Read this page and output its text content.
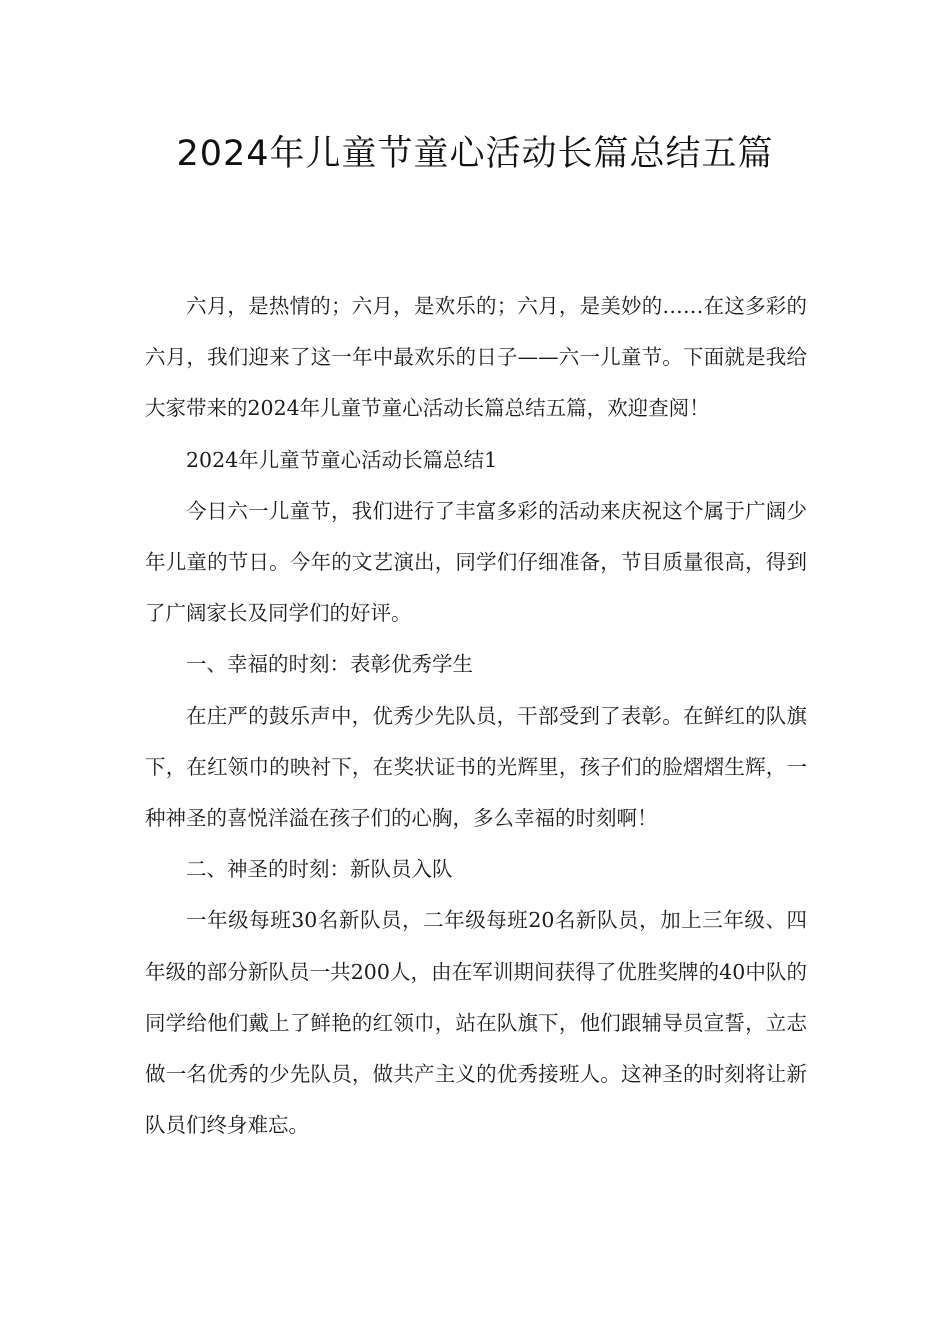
2024年儿童节童心活动长篇总结五篇

六月，是热情的；六月，是欢乐的；六月，是美妙的……在这多彩的六月，我们迎来了这一年中最欢乐的日子——六一儿童节。下面就是我给大家带来的2024年儿童节童心活动长篇总结五篇，欢迎查阅！

2024年儿童节童心活动长篇总结1

今日六一儿童节，我们进行了丰富多彩的活动来庆祝这个属于广阔少年儿童的节日。今年的文艺演出，同学们仔细准备，节目质量很高，得到了广阔家长及同学们的好评。

一、幸福的时刻：表彰优秀学生

在庄严的鼓乐声中，优秀少先队员，干部受到了表彰。在鲜红的队旗下，在红领巾的映衬下，在奖状证书的光辉里，孩子们的脸熠熠生辉，一种神圣的喜悦洋溢在孩子们的心胸，多么幸福的时刻啊！

二、神圣的时刻：新队员入队

一年级每班30名新队员，二年级每班20名新队员，加上三年级、四年级的部分新队员一共200人，由在军训期间获得了优胜奖牌的40中队的同学给他们戴上了鲜艳的红领巾，站在队旗下，他们跟辅导员宣誓，立志做一名优秀的少先队员，做共产主义的优秀接班人。这神圣的时刻将让新队员们终身难忘。
